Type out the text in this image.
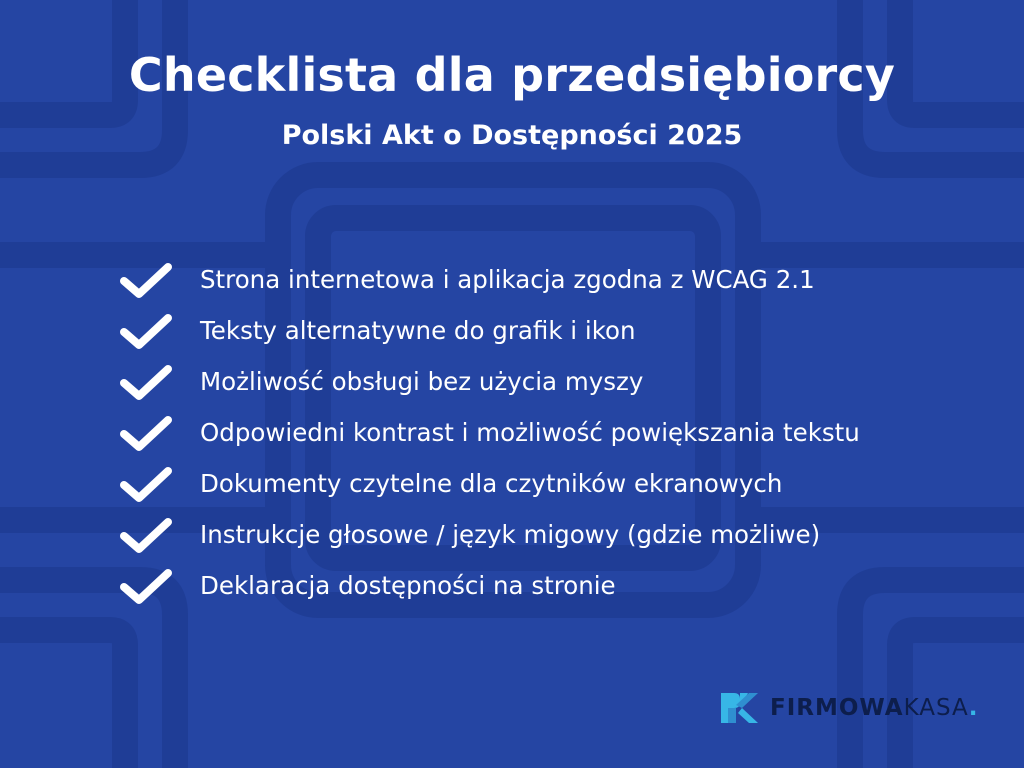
Checklista dla przedsiębiorcy
Polski Akt o Dostępności 2025
Strona internetowa i aplikacja zgodna z WCAG 2.1
Teksty alternatywne do grafik i ikon
Możliwość obsługi bez użycia myszy
Odpowiedni kontrast i możliwość powiększania tekstu
Dokumenty czytelne dla czytników ekranowych
Instrukcje głosowe / język migowy (gdzie możliwe)
Deklaracja dostępności na stronie
FIRMOWAKASA.
